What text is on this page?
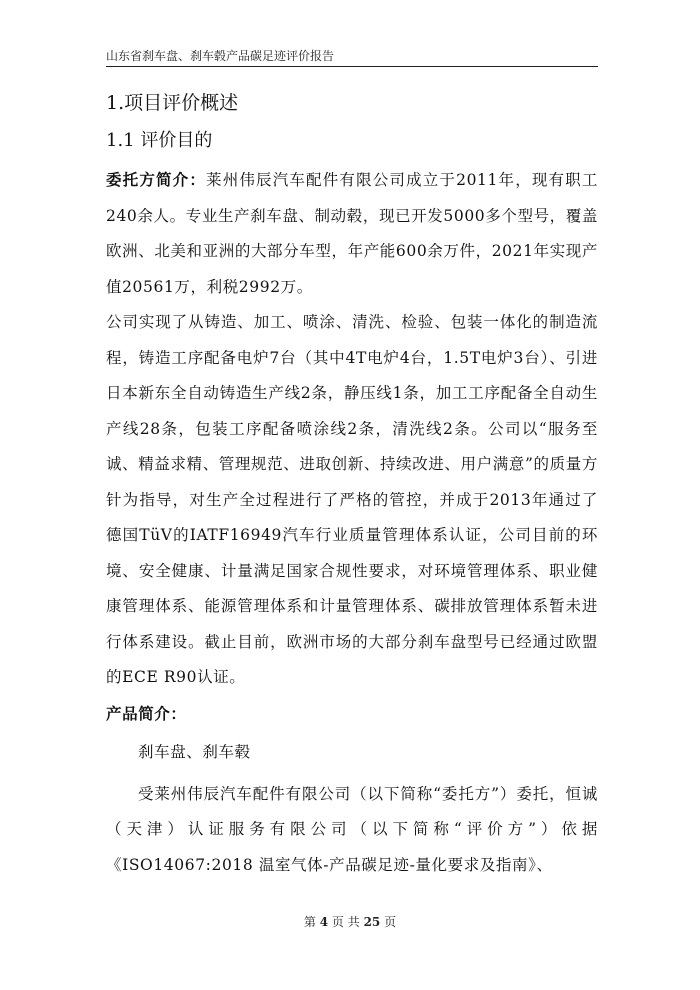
山东省刹车盘、刹车毂产品碳足迹评价报告
1.项目评价概述
1.1 评价目的

委托方简介：莱州伟辰汽车配件有限公司成立于2011年，现有职工240余人。专业生产刹车盘、制动毂，现已开发5000多个型号，覆盖欧洲、北美和亚洲的大部分车型，年产能600余万件，2021年实现产值20561万，利税2992万。

公司实现了从铸造、加工、喷涂、清洗、检验、包装一体化的制造流程，铸造工序配备电炉7台（其中4T电炉4台，1.5T电炉3台）、引进日本新东全自动铸造生产线2条，静压线1条，加工工序配备全自动生产线28条，包装工序配备喷涂线2条，清洗线2条。公司以“服务至诚、精益求精、管理规范、进取创新、持续改进、用户满意”的质量方针为指导，对生产全过程进行了严格的管控，并成于2013年通过了德国TüV的IATF16949汽车行业质量管理体系认证，公司目前的环境、安全健康、计量满足国家合规性要求，对环境管理体系、职业健康管理体系、能源管理体系和计量管理体系、碳排放管理体系暂未进行体系建设。截止目前，欧洲市场的大部分刹车盘型号已经通过欧盟的ECE R90认证。

产品简介：

刹车盘、刹车毂

受莱州伟辰汽车配件有限公司（以下简称“委托方”）委托，恒诚（天津）认证服务有限公司（以下简称“评价方”）依据《ISO14067:2018 温室气体-产品碳足迹-量化要求及指南》、

第 4 页 共 25 页
